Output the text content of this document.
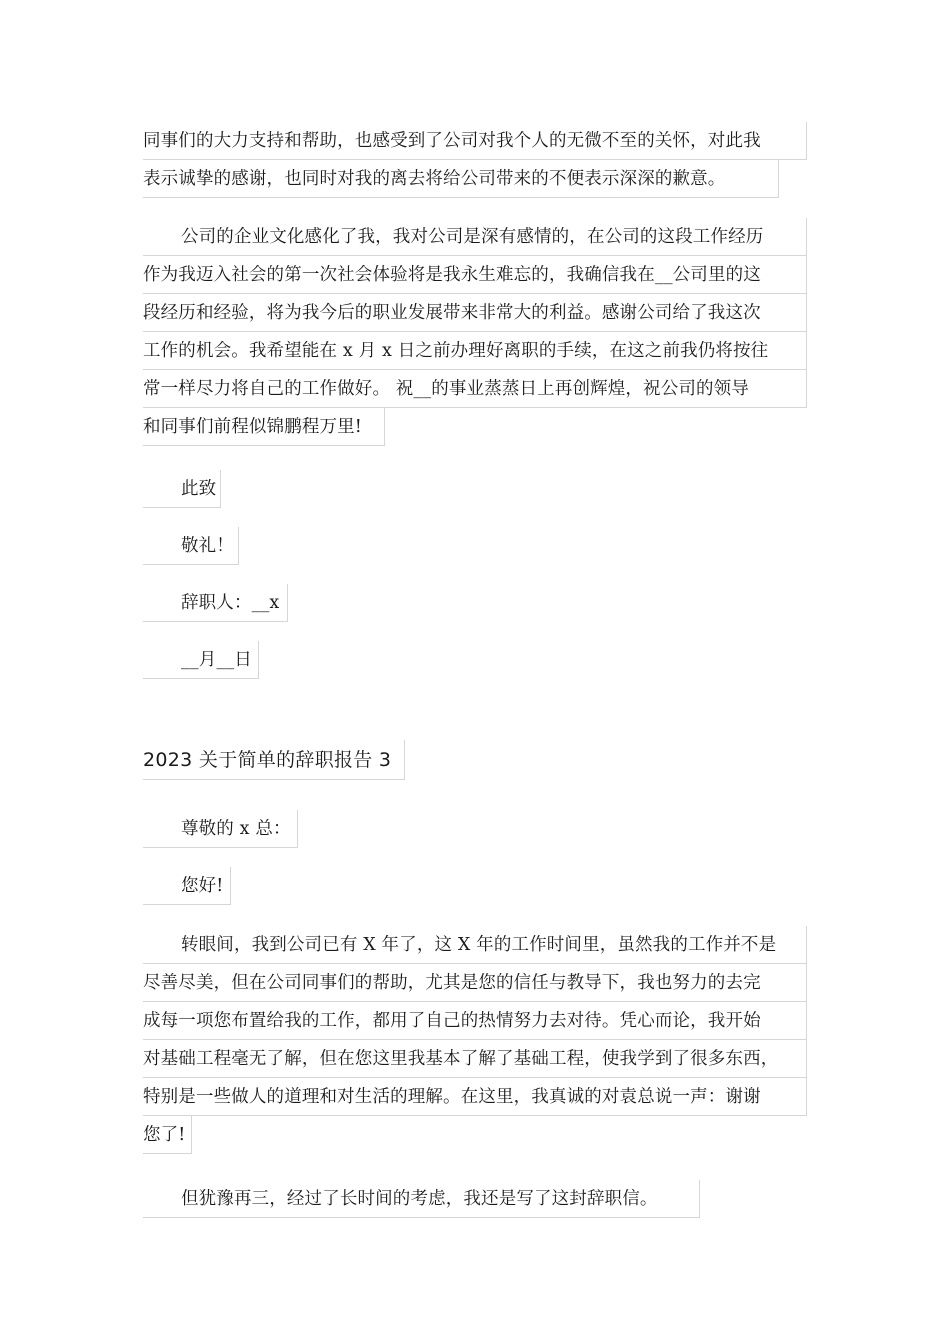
同事们的大力支持和帮助，也感受到了公司对我个人的无微不至的关怀，对此我
表示诚挚的感谢，也同时对我的离去将给公司带来的不便表示深深的歉意。
公司的企业文化感化了我，我对公司是深有感情的，在公司的这段工作经历
作为我迈入社会的第一次社会体验将是我永生难忘的，我确信我在__公司里的这
段经历和经验，将为我今后的职业发展带来非常大的利益。感谢公司给了我这次
工作的机会。我希望能在 x 月 x 日之前办理好离职的手续，在这之前我仍将按往
常一样尽力将自己的工作做好。 祝__的事业蒸蒸日上再创辉煌，祝公司的领导
和同事们前程似锦鹏程万里!
此致
敬礼！
辞职人：__x
__月__日
2023 关于简单的辞职报告 3
尊敬的 x 总：
您好!
转眼间，我到公司已有 X 年了，这 X 年的工作时间里，虽然我的工作并不是
尽善尽美，但在公司同事们的帮助，尤其是您的信任与教导下，我也努力的去完
成每一项您布置给我的工作，都用了自己的热情努力去对待。凭心而论，我开始
对基础工程毫无了解，但在您这里我基本了解了基础工程，使我学到了很多东西，
特别是一些做人的道理和对生活的理解。在这里，我真诚的对袁总说一声：谢谢
您了!
但犹豫再三，经过了长时间的考虑，我还是写了这封辞职信。
